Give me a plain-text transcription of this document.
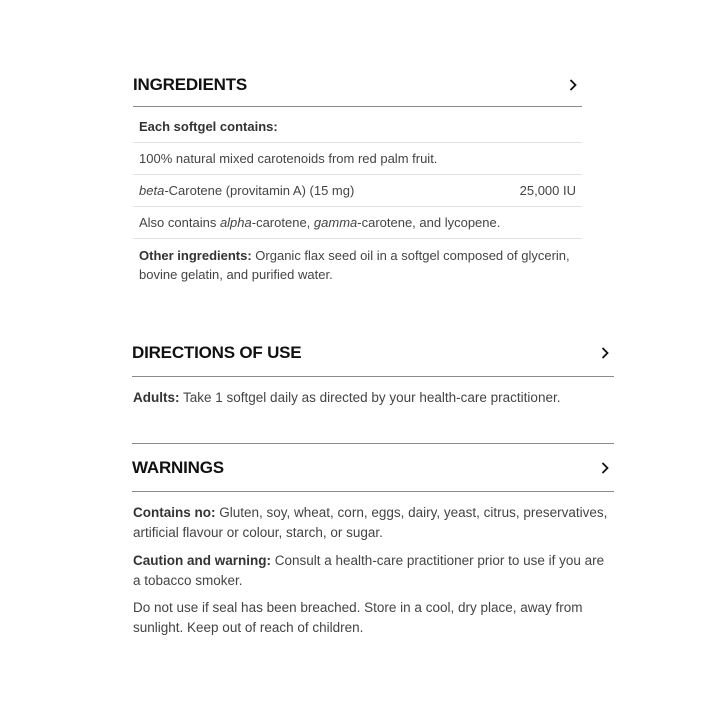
INGREDIENTS
Each softgel contains:
100% natural mixed carotenoids from red palm fruit.
beta-Carotene (provitamin A) (15 mg)	25,000 IU
Also contains alpha-carotene, gamma-carotene, and lycopene.
Other ingredients: Organic flax seed oil in a softgel composed of glycerin, bovine gelatin, and purified water.
DIRECTIONS OF USE
Adults: Take 1 softgel daily as directed by your health-care practitioner.
WARNINGS

Contains no: Gluten, soy, wheat, corn, eggs, dairy, yeast, citrus, preservatives, artificial flavour or colour, starch, or sugar.

Caution and warning: Consult a health-care practitioner prior to use if you are a tobacco smoker.

Do not use if seal has been breached. Store in a cool, dry place, away from sunlight. Keep out of reach of children.
